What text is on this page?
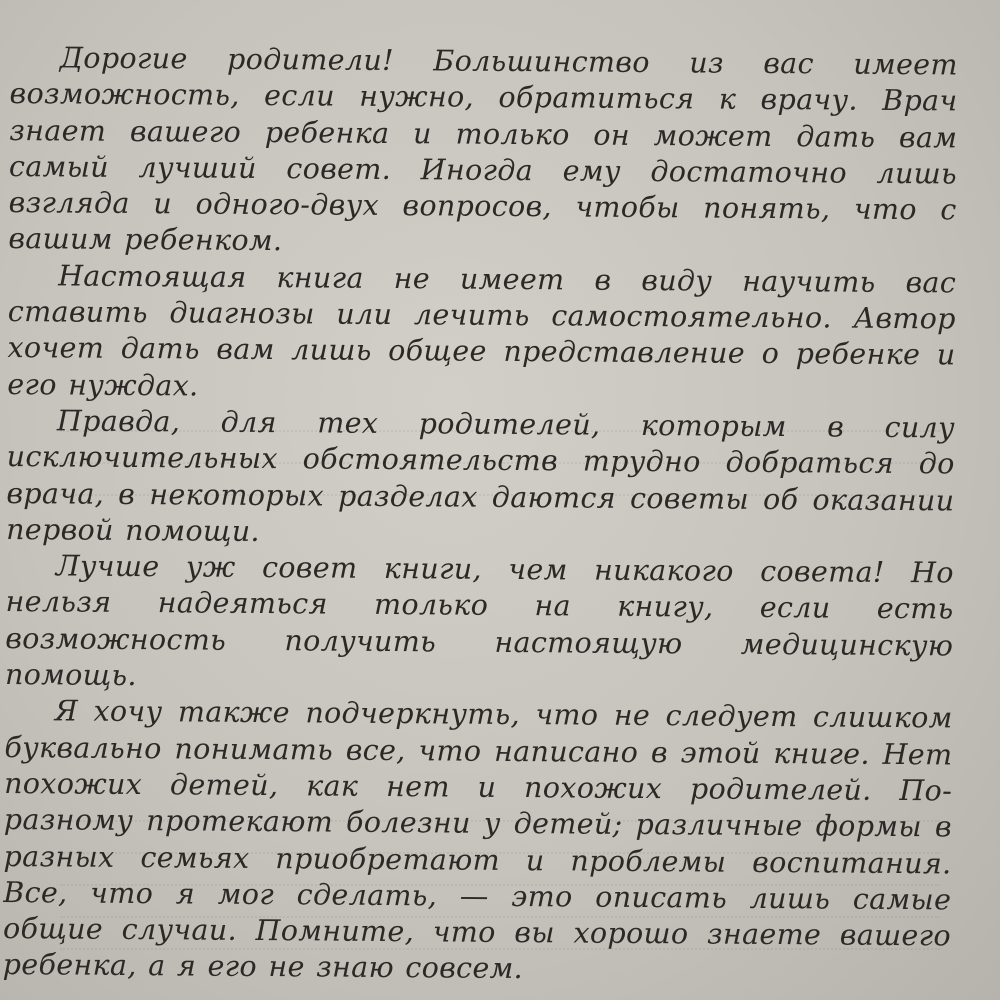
Дорогие родители! Большинство из вас имеет возможность, если нужно, обратиться к врачу. Врач знает вашего ребенка и только он может дать вам самый лучший совет. Иногда ему достаточно лишь взгляда и одного-двух вопросов, чтобы понять, что с вашим ребенком.

Настоящая книга не имеет в виду научить вас ставить диагнозы или лечить самостоятельно. Автор хочет дать вам лишь общее представление о ребенке и его нуждах.

Правда, для тех родителей, которым в силу исключительных обстоятельств трудно добраться до врача, в некоторых разделах даются советы об оказании первой помощи.

Лучше уж совет книги, чем никакого совета! Но нельзя надеяться только на книгу, если есть возможность получить настоящую медицинскую помощь.

Я хочу также подчеркнуть, что не следует слишком буквально понимать все, что написано в этой книге. Нет похожих детей, как нет и похожих родителей. По-разному протекают болезни у детей; различные формы в разных семьях приобретают и проблемы воспитания. Все, что я мог сделать, — это описать лишь самые общие случаи. Помните, что вы хорошо знаете вашего ребенка, а я его не знаю совсем.
